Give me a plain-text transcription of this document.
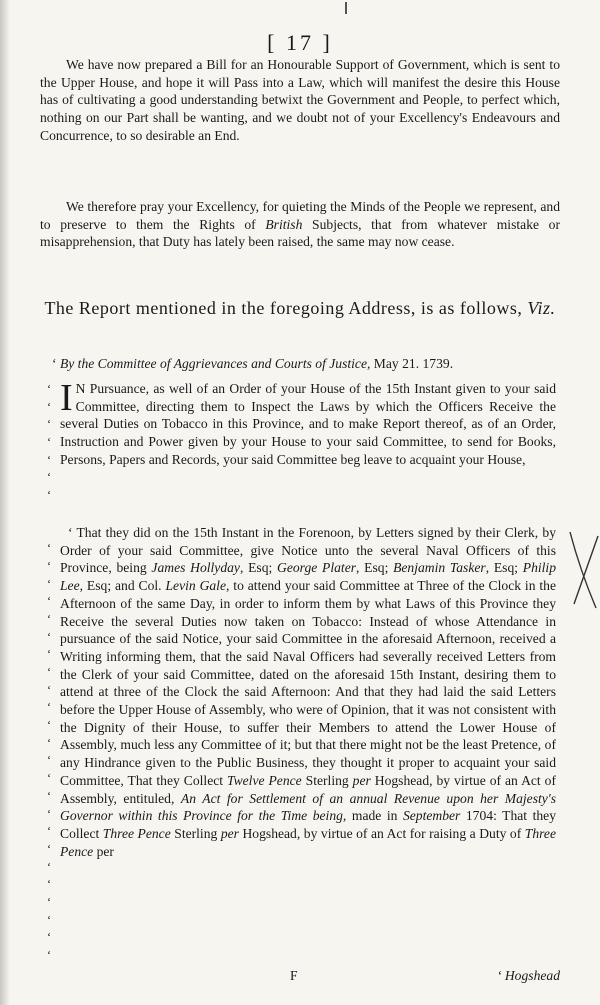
[ 17 ]

We have now prepared a Bill for an Honourable Support of Government, which is sent to the Upper House, and hope it will Pass into a Law, which will manifest the desire this House has of cultivating a good understanding betwixt the Government and People, to perfect which, nothing on our Part shall be wanting, and we doubt not of your Excellency's Endeavours and Concurrence, to so desirable an End.

We therefore pray your Excellency, for quieting the Minds of the People we represent, and to preserve to them the Rights of British Subjects, that from whatever mistake or misapprehension, that Duty has lately been raised, the same may now cease.

The Report mentioned in the foregoing Address, is as follows, Viz.
‘ By the Committee of Aggrievances and Courts of Justice, May 21. 1739.
‘
‘
‘
‘
‘
‘
‘
‘
‘
‘
‘
‘
‘
‘
‘
‘
‘
‘
‘
‘
‘
‘
‘
‘
‘
‘
‘
‘
‘
‘
‘
I N Pursuance, as well of an Order of your House of the 15th Instant given to your said Committee, directing them to Inspect the Laws by which the Officers Receive the several Duties on Tobacco in this Province, and to make Report thereof, as of an Order, Instruction and Power given by your House to your said Committee, to send for Books, Persons, Papers and Records, your said Committee beg leave to acquaint your House,
‘ That they did on the 15th Instant in the Forenoon, by Letters signed by their Clerk, by Order of your said Committee, give Notice unto the several Naval Officers of this Province, being James Hollyday, Esq; George Plater, Esq; Benjamin Tasker, Esq; Philip Lee, Esq; and Col. Levin Gale, to attend your said Committee at Three of the Clock in the Afternoon of the same Day, in order to inform them by what Laws of this Province they Receive the several Duties now taken on Tobacco: Instead of whose Attendance in pursuance of the said Notice, your said Committee in the aforesaid Afternoon, received a Writing informing them, that the said Naval Officers had severally received Letters from the Clerk of your said Committee, dated on the aforesaid 15th Instant, desiring them to attend at three of the Clock the said Afternoon: And that they had laid the said Letters before the Upper House of Assembly, who were of Opinion, that it was not consistent with the Dignity of their House, to suffer their Members to attend the Lower House of Assembly, much less any Committee of it; but that there might not be the least Pretence, of any Hindrance given to the Public Business, they thought it proper to acquaint your said Committee, That they Collect Twelve Pence Sterling per Hogshead, by virtue of an Act of Assembly, entituled, An Act for Settlement of an annual Revenue upon her Majesty's Governor within this Province for the Time being, made in September 1704: That they Collect Three Pence Sterling per Hogshead, by virtue of an Act for raising a Duty of Three Pence per
F	‘ Hogshead
